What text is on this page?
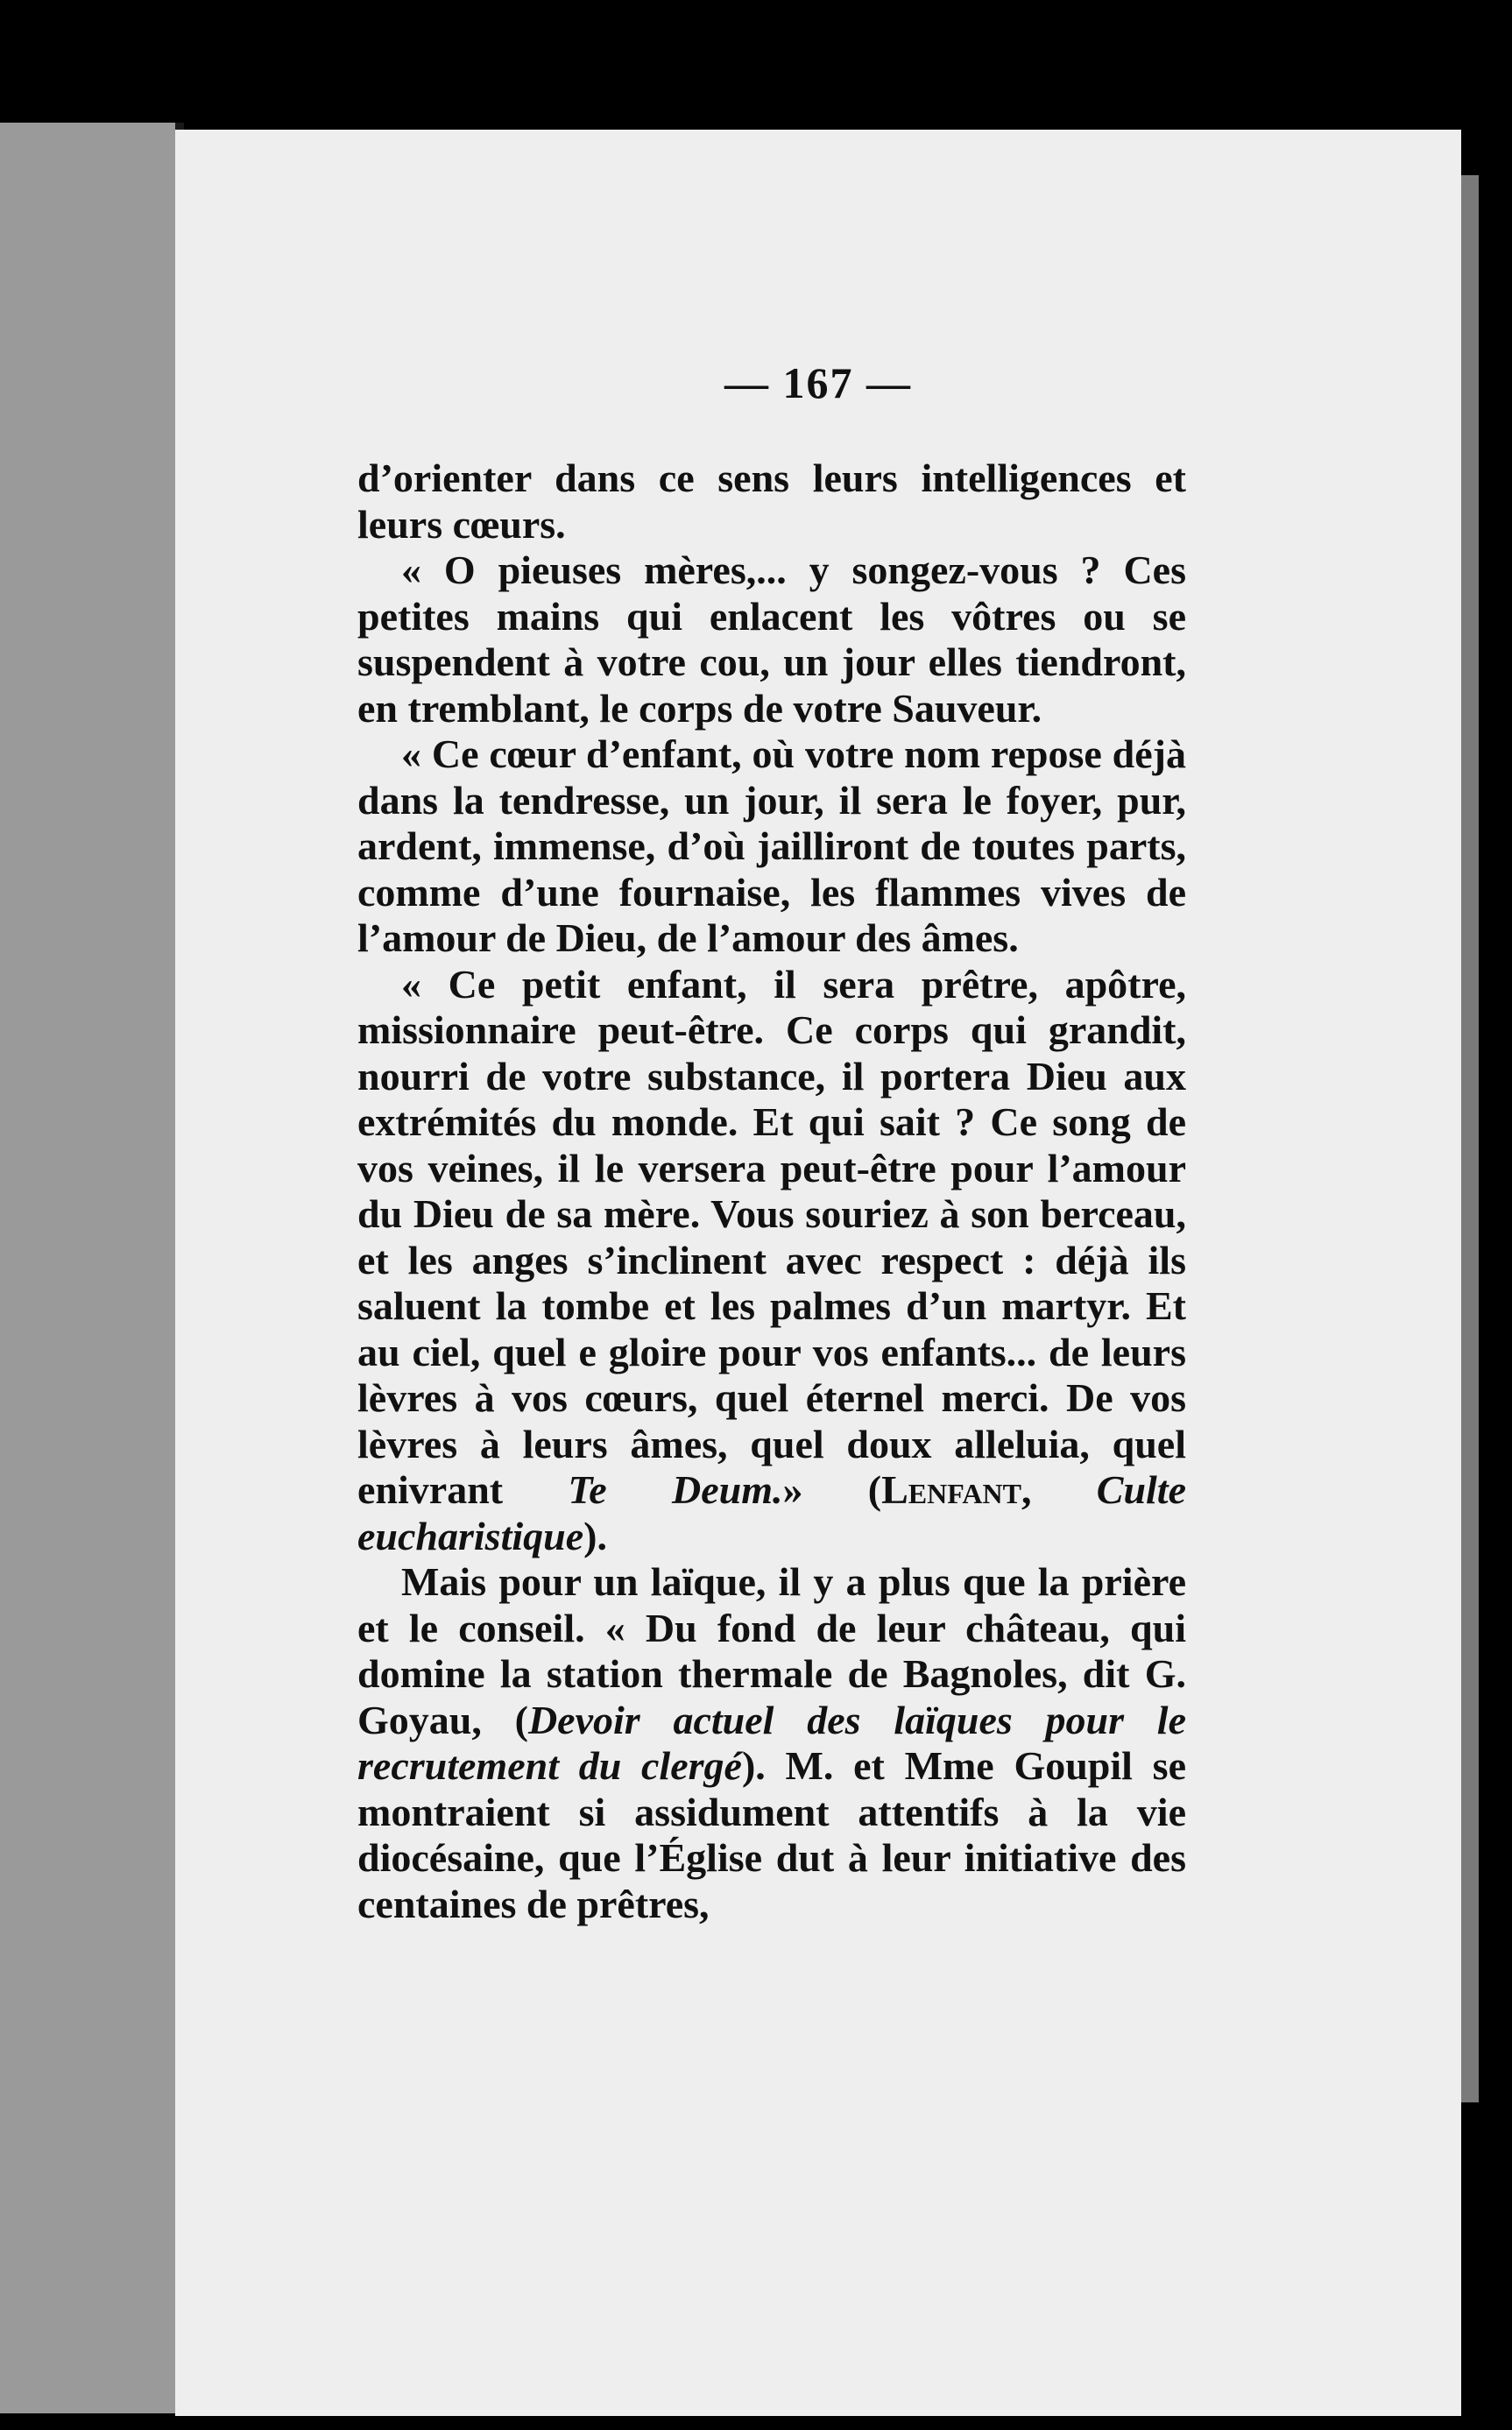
— 167 —

d’orienter dans ce sens leurs intelligences et leurs cœurs.

« O pieuses mères,... y songez-vous ? Ces petites mains qui enlacent les vôtres ou se suspendent à votre cou, un jour elles tiendront, en tremblant, le corps de votre Sauveur.

« Ce cœur d’enfant, où votre nom repose déjà dans la tendresse, un jour, il sera le foyer, pur, ardent, immense, d’où jailliront de toutes parts, comme d’une fournaise, les flammes vives de l’amour de Dieu, de l’amour des âmes.

« Ce petit enfant, il sera prêtre, apôtre, missionnaire peut-être. Ce corps qui grandit, nourri de votre substance, il portera Dieu aux extrémités du monde. Et qui sait ? Ce song de vos veines, il le versera peut-être pour l’amour du Dieu de sa mère. Vous souriez à son berceau, et les anges s’inclinent avec respect : déjà ils saluent la tombe et les palmes d’un martyr. Et au ciel, quel e gloire pour vos enfants... de leurs lèvres à vos cœurs, quel éternel merci. De vos lèvres à leurs âmes, quel doux alleluia, quel enivrant Te Deum.» (Lenfant, Culte eucharistique).

Mais pour un laïque, il y a plus que la prière et le conseil. « Du fond de leur château, qui domine la station thermale de Bagnoles, dit G. Goyau, (Devoir actuel des laïques pour le recrutement du clergé). M. et Mme Goupil se montraient si assidument attentifs à la vie diocésaine, que l’Église dut à leur initiative des centaines de prêtres,
